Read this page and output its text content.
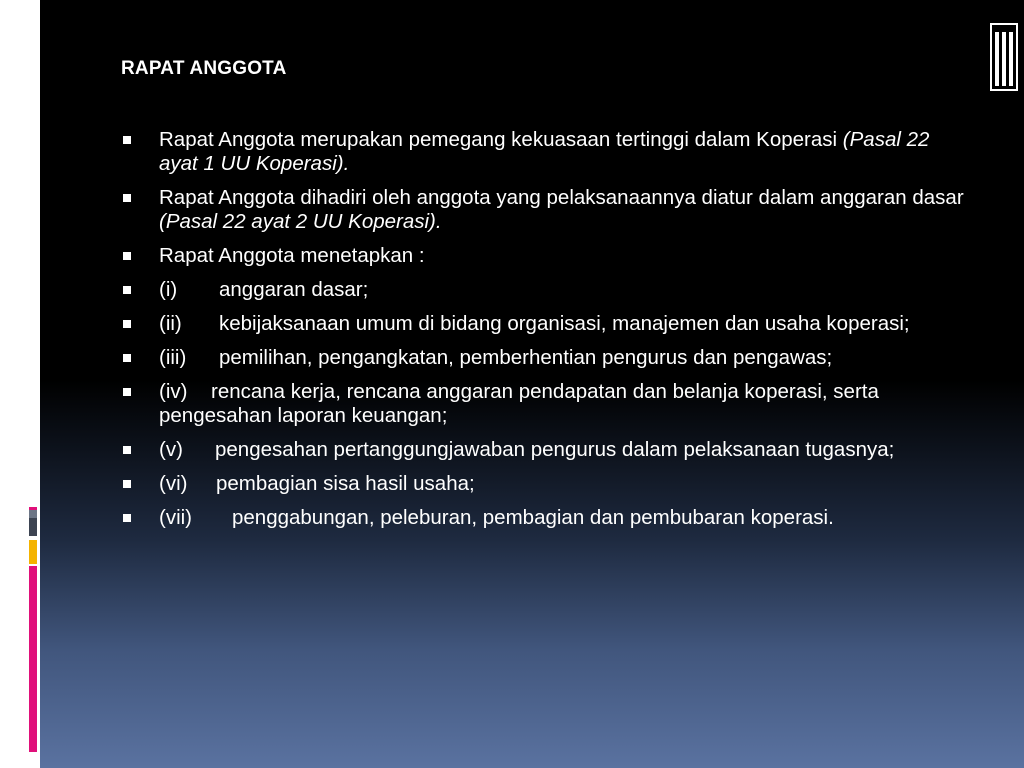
RAPAT ANGGOTA
Rapat Anggota merupakan pemegang kekuasaan tertinggi dalam Koperasi (Pasal 22 ayat 1 UU Koperasi).
Rapat Anggota dihadiri oleh anggota yang pelaksanaannya diatur dalam anggaran dasar (Pasal 22 ayat 2 UU Koperasi).
Rapat Anggota menetapkan :
(i) anggaran dasar;
(ii) kebijaksanaan umum di bidang organisasi, manajemen dan usaha koperasi;
(iii) pemilihan, pengangkatan, pemberhentian pengurus dan pengawas;
(iv) rencana kerja, rencana anggaran pendapatan dan belanja koperasi, serta pengesahan laporan keuangan;
(v) pengesahan pertanggungjawaban pengurus dalam pelaksanaan tugasnya;
(vi) pembagian sisa hasil usaha;
(vii) penggabungan, peleburan, pembagian dan pembubaran koperasi.
